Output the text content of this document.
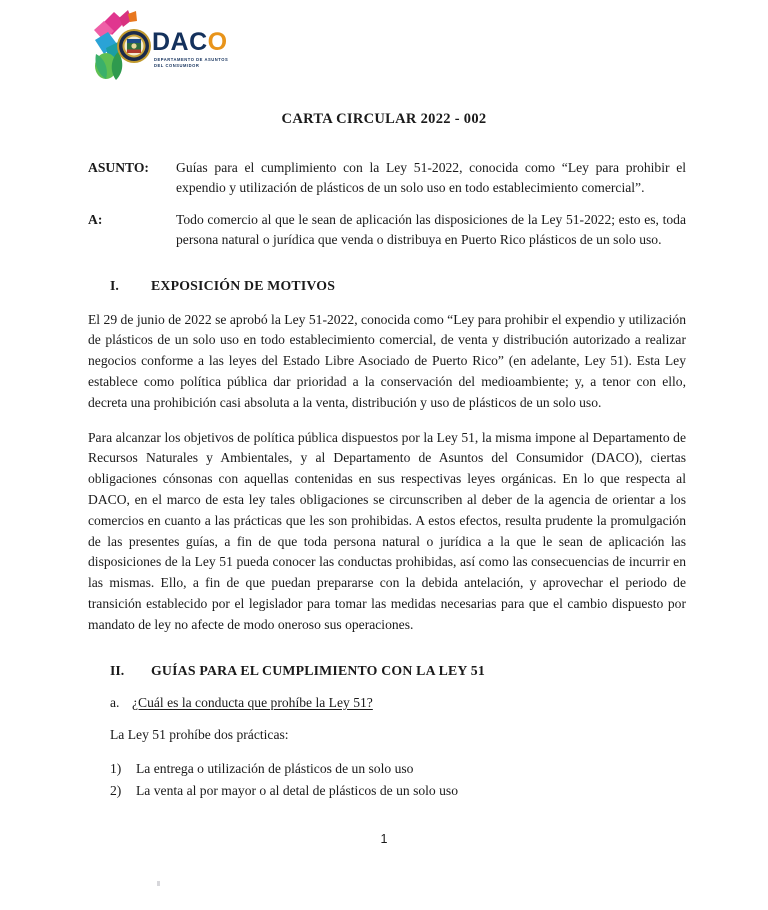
DACO
DEPARTAMENTO DE ASUNTOS
DEL CONSUMIDOR
CARTA CIRCULAR 2022 - 002
ASUNTO:	Guías para el cumplimiento con la Ley 51-2022, conocida como “Ley para prohibir el expendio y utilización de plásticos de un solo uso en todo establecimiento comercial”.
A:	Todo comercio al que le sean de aplicación las disposiciones de la Ley 51-2022; esto es, toda persona natural o jurídica que venda o distribuya en Puerto Rico plásticos de un solo uso.
I.	EXPOSICIÓN DE MOTIVOS

El 29 de junio de 2022 se aprobó la Ley 51-2022, conocida como “Ley para prohibir el expendio y utilización de plásticos de un solo uso en todo establecimiento comercial, de venta y distribución autorizado a realizar negocios conforme a las leyes del Estado Libre Asociado de Puerto Rico” (en adelante, Ley 51). Esta Ley establece como política pública dar prioridad a la conservación del medioambiente; y, a tenor con ello, decreta una prohibición casi absoluta a la venta, distribución y uso de plásticos de un solo uso.

Para alcanzar los objetivos de política pública dispuestos por la Ley 51, la misma impone al Departamento de Recursos Naturales y Ambientales, y al Departamento de Asuntos del Consumidor (DACO), ciertas obligaciones cónsonas con aquellas contenidas en sus respectivas leyes orgánicas. En lo que respecta al DACO, en el marco de esta ley tales obligaciones se circunscriben al deber de la agencia de orientar a los comercios en cuanto a las prácticas que les son prohibidas. A estos efectos, resulta prudente la promulgación de las presentes guías, a fin de que toda persona natural o jurídica a la que le sean de aplicación las disposiciones de la Ley 51 pueda conocer las conductas prohibidas, así como las consecuencias de incurrir en las mismas. Ello, a fin de que puedan prepararse con la debida antelación, y aprovechar el periodo de transición establecido por el legislador para tomar las medidas necesarias para que el cambio dispuesto por mandato de ley no afecte de modo oneroso sus operaciones.

II.	GUÍAS PARA EL CUMPLIMIENTO CON LA LEY 51
a. ¿Cuál es la conducta que prohíbe la Ley 51?
La Ley 51 prohíbe dos prácticas:
1)	La entrega o utilización de plásticos de un solo uso
2)	La venta al por mayor o al detal de plásticos de un solo uso
1
